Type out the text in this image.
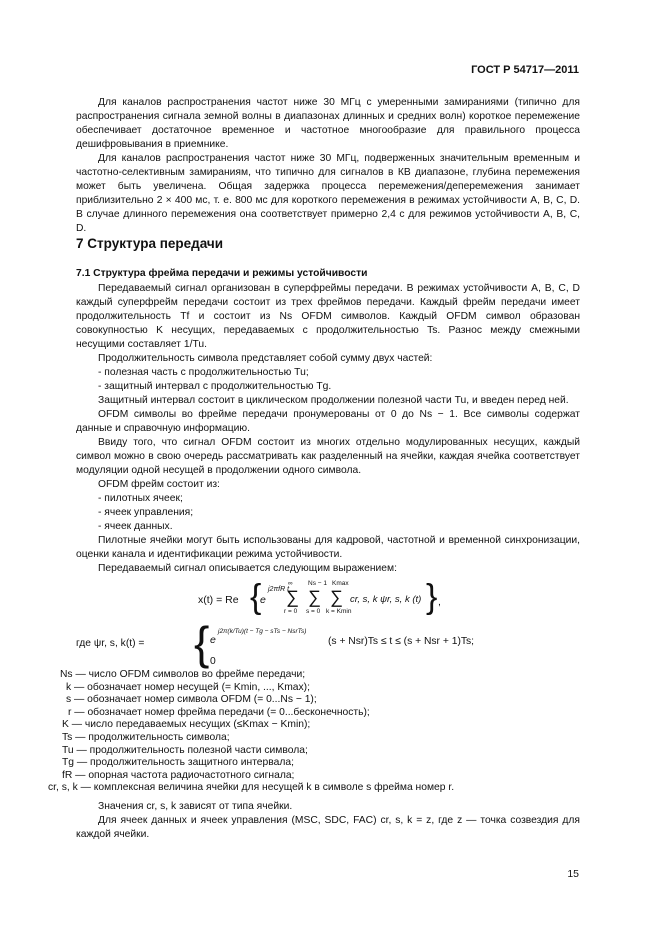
ГОСТ Р 54717—2011

Для каналов распространения частот ниже 30 МГц с умеренными замираниями (типично для распространения сигнала земной волны в диапазонах длинных и средних волн) короткое перемежение обеспечивает достаточное временное и частотное многообразие для правильного процесса дешифровывания в приемнике.

Для каналов распространения частот ниже 30 МГц, подверженных значительным временным и частотно-селективным замираниям, что типично для сигналов в КВ диапазоне, глубина перемежения может быть увеличена. Общая задержка процесса перемежения/деперемежения занимает приблизительно 2 × 400 мс, т. е. 800 мс для короткого перемежения в режимах устойчивости А, В, С, D. В случае длинного перемежения она соответствует примерно 2,4 с для режимов устойчивости А, В, С, D.

7 Структура передачи
7.1 Структура фрейма передачи и режимы устойчивости

Передаваемый сигнал организован в суперфреймы передачи. В режимах устойчивости А, В, С, D каждый суперфрейм передачи состоит из трех фреймов передачи. Каждый фрейм передачи имеет продолжительность Tf и состоит из Ns OFDM символов. Каждый OFDM символ образован совокупностью K несущих, передаваемых с продолжительностью Ts. Разнос между смежными несущими составляет 1/Tu.

Продолжительность символа представляет собой сумму двух частей:

- полезная часть с продолжительностью Tu;

- защитный интервал с продолжительностью Tg.

Защитный интервал состоит в циклическом продолжении полезной части Tu, и введен перед ней.

OFDM символы во фрейме передачи пронумерованы от 0 до Ns − 1. Все символы содержат данные и справочную информацию.

Ввиду того, что сигнал OFDM состоит из многих отдельно модулированных несущих, каждый символ можно в свою очередь рассматривать как разделенный на ячейки, каждая ячейка соответствует модуляции одной несущей в продолжении одного символа.

OFDM фрейм состоит из:

- пилотных ячеек;

- ячеек управления;

- ячеек данных.

Пилотные ячейки могут быть использованы для кадровой, частотной и временной синхронизации, оценки канала и идентификации режима устойчивости.

Передаваемый сигнал описывается следующим выражением:

x(t) = Re {
e
j2πfR t
∞
∑
r = 0
Ns − 1
∑
s = 0
Kmax
∑
k = Kmin
cr, s, k ψr, s, k (t) } ,
где ψr, s, k(t) = { e
j2π(k/Tu)(t − Tg − sTs − NsrTs)
(s + Nsr)Ts ≤ t ≤ (s + Nsr + 1)Ts;
0
Ns — число OFDM символов во фрейме передачи;
k — обозначает номер несущей (= Kmin, ..., Kmax);
s — обозначает номер символа OFDM (= 0...Ns − 1);
r — обозначает номер фрейма передачи (= 0...бесконечность);
K — число передаваемых несущих (≤Kmax − Kmin);
Ts — продолжительность символа;
Tu — продолжительность полезной части символа;
Tg — продолжительность защитного интервала;
fR — опорная частота радиочастотного сигнала;
cr, s, k — комплексная величина ячейки для несущей k в символе s фрейма номер r.

Значения cr, s, k зависят от типа ячейки.

Для ячеек данных и ячеек управления (MSC, SDC, FAC) cr, s, k = z, где z — точка созвездия для каждой ячейки.

15
